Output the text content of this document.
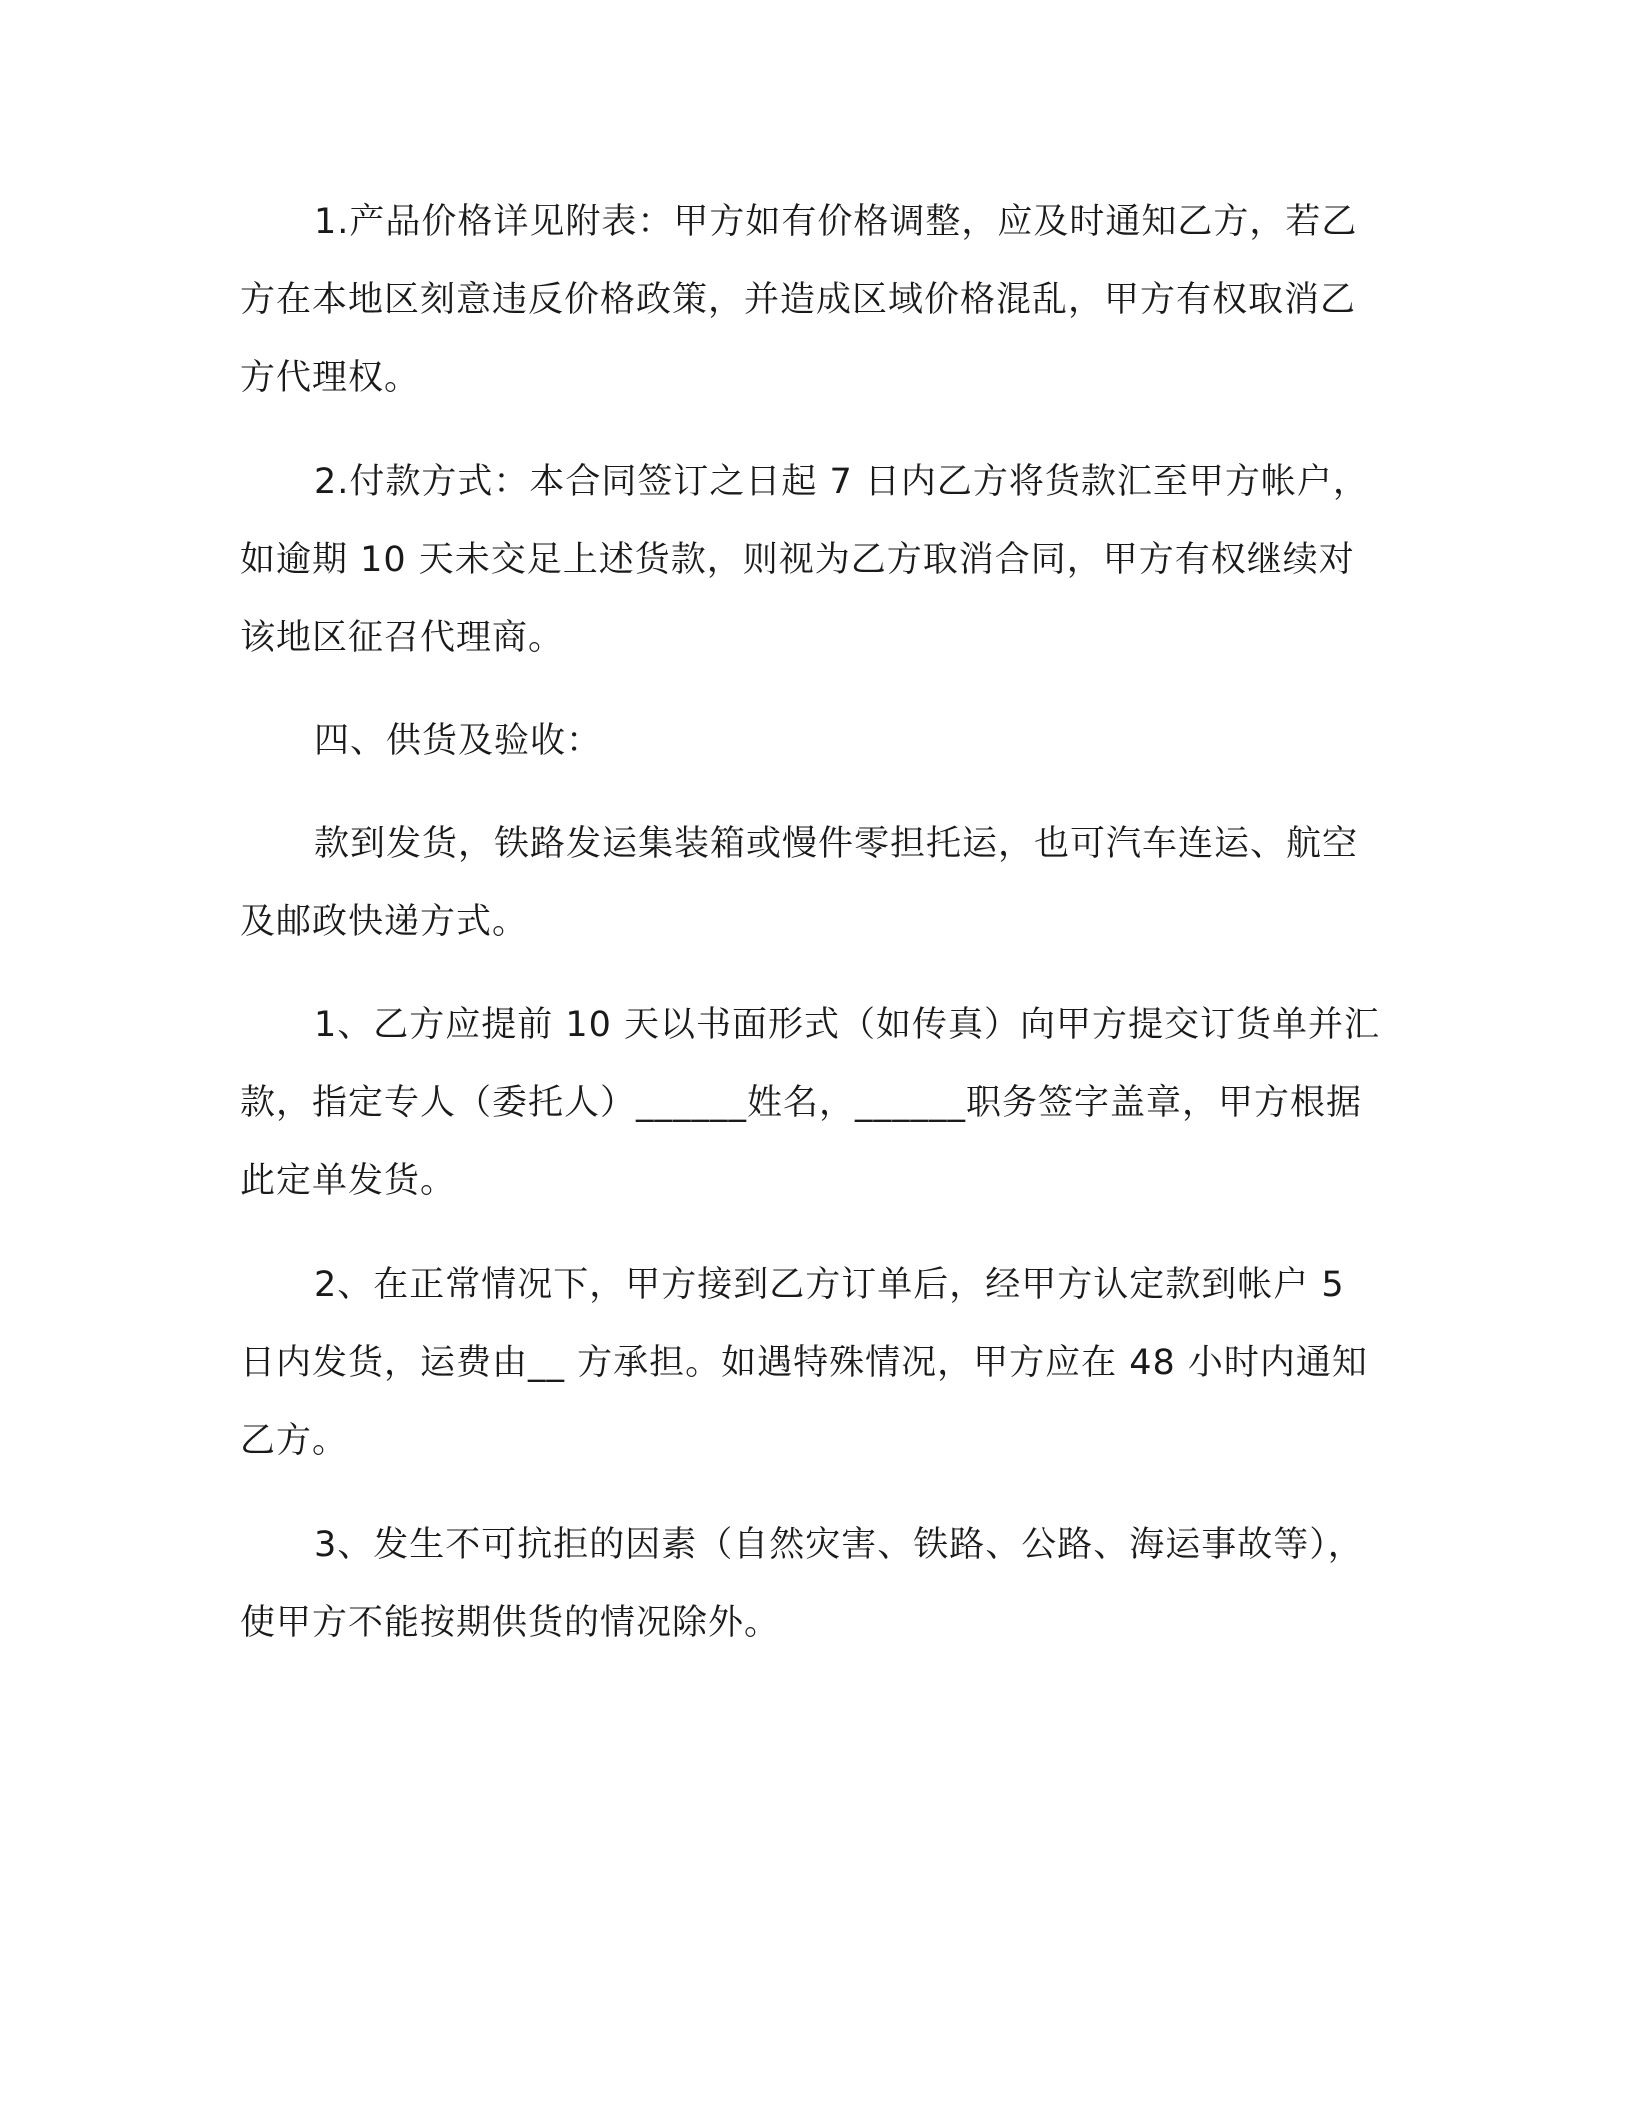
1.产品价格详见附表：甲方如有价格调整，应及时通知乙方，若乙方在本地区刻意违反价格政策，并造成区域价格混乱，甲方有权取消乙方代理权。

2.付款方式：本合同签订之日起 7 日内乙方将货款汇至甲方帐户，如逾期 10 天未交足上述货款，则视为乙方取消合同，甲方有权继续对该地区征召代理商。

四、供货及验收：

款到发货，铁路发运集装箱或慢件零担托运，也可汽车连运、航空及邮政快递方式。

1、乙方应提前 10 天以书面形式（如传真）向甲方提交订货单并汇款，指定专人（委托人）______姓名，______职务签字盖章，甲方根据此定单发货。

2、在正常情况下，甲方接到乙方订单后，经甲方认定款到帐户 5 日内发货，运费由__ 方承担。如遇特殊情况，甲方应在 48 小时内通知乙方。

3、发生不可抗拒的因素（自然灾害、铁路、公路、海运事故等），使甲方不能按期供货的情况除外。
